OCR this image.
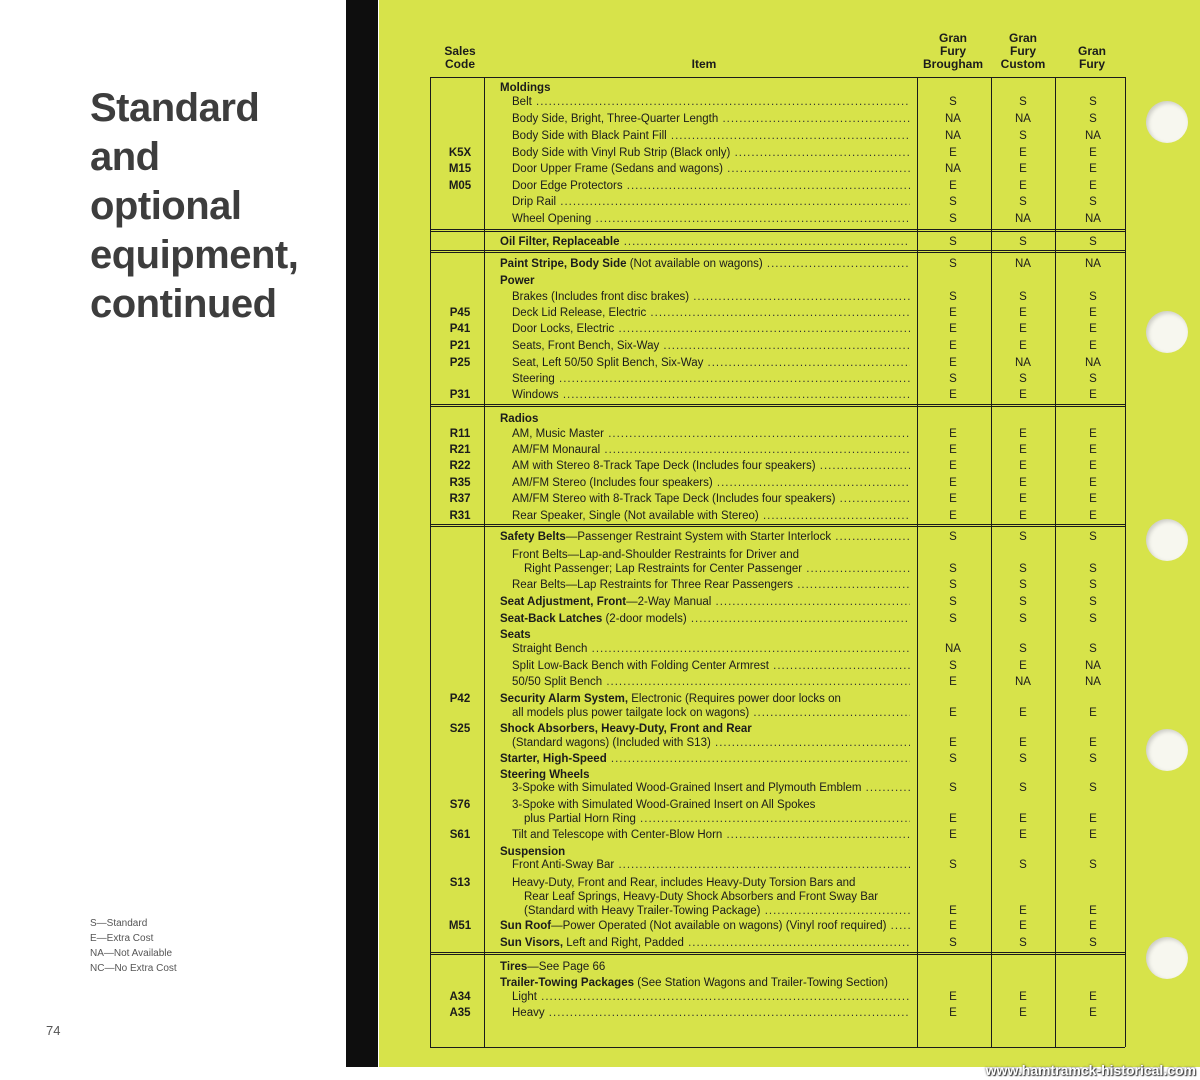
Standard
and
optional
equipment,
continued
S—Standard
E—Extra Cost
NA—Not Available
NC—No Extra Cost
74
Sales
Code	Item
Gran
Fury
Brougham
Gran
Fury
Custom
Gran
Fury
Moldings
Belt .....	S	S	S
Body Side, Bright, Three-Quarter Length .....	NA	NA	S
Body Side with Black Paint Fill .....	NA	S	NA
K5X	Body Side with Vinyl Rub Strip (Black only) .....	E	E	E
M15	Door Upper Frame (Sedans and wagons) .....	NA	E	E
M05	Door Edge Protectors .....	E	E	E
Drip Rail .....	S	S	S
Wheel Opening .....	S	NA	NA
Oil Filter, Replaceable .....	S	S	S
Paint Stripe, Body Side (Not available on wagons) .....	S	NA	NA
Power
Brakes (Includes front disc brakes) .....	S	S	S
P45	Deck Lid Release, Electric .....	E	E	E
P41	Door Locks, Electric .....	E	E	E
P21	Seats, Front Bench, Six-Way .....	E	E	E
P25	Seat, Left 50/50 Split Bench, Six-Way .....	E	NA	NA
Steering .....	S	S	S
P31	Windows .....	E	E	E
Radios
R11	AM, Music Master .....	E	E	E
R21	AM/FM Monaural .....	E	E	E
R22	AM with Stereo 8-Track Tape Deck (Includes four speakers) .....	E	E	E
R35	AM/FM Stereo (Includes four speakers) .....	E	E	E
R37	AM/FM Stereo with 8-Track Tape Deck (Includes four speakers) .....	E	E	E
R31	Rear Speaker, Single (Not available with Stereo) .....	E	E	E
Safety Belts—Passenger Restraint System with Starter Interlock .....	S	S	S
Front Belts—Lap-and-Shoulder Restraints for Driver and
Right Passenger; Lap Restraints for Center Passenger .....	S	S	S
Rear Belts—Lap Restraints for Three Rear Passengers .....	S	S	S
Seat Adjustment, Front—2-Way Manual .....	S	S	S
Seat-Back Latches (2-door models) .....	S	S	S
Seats
Straight Bench .....	NA	S	S
Split Low-Back Bench with Folding Center Armrest .....	S	E	NA
50/50 Split Bench .....	E	NA	NA
P42	Security Alarm System, Electronic (Requires power door locks on
all models plus power tailgate lock on wagons) .....	E	E	E
S25	Shock Absorbers, Heavy-Duty, Front and Rear
(Standard wagons) (Included with S13) .....	E	E	E
Starter, High-Speed .....	S	S	S
Steering Wheels
3-Spoke with Simulated Wood-Grained Insert and Plymouth Emblem .....	S	S	S
S76	3-Spoke with Simulated Wood-Grained Insert on All Spokes
plus Partial Horn Ring .....	E	E	E
S61	Tilt and Telescope with Center-Blow Horn .....	E	E	E
Suspension
Front Anti-Sway Bar .....	S	S	S
S13	Heavy-Duty, Front and Rear, includes Heavy-Duty Torsion Bars and
Rear Leaf Springs, Heavy-Duty Shock Absorbers and Front Sway Bar
(Standard with Heavy Trailer-Towing Package) .....	E	E	E
M51	Sun Roof—Power Operated (Not available on wagons) (Vinyl roof required) .....	E	E	E
Sun Visors, Left and Right, Padded .....	S	S	S
Tires—See Page 66
Trailer-Towing Packages (See Station Wagons and Trailer-Towing Section)
A34	Light .....	E	E	E
A35	Heavy .....	E	E	E
www.hamtramck-historical.com
